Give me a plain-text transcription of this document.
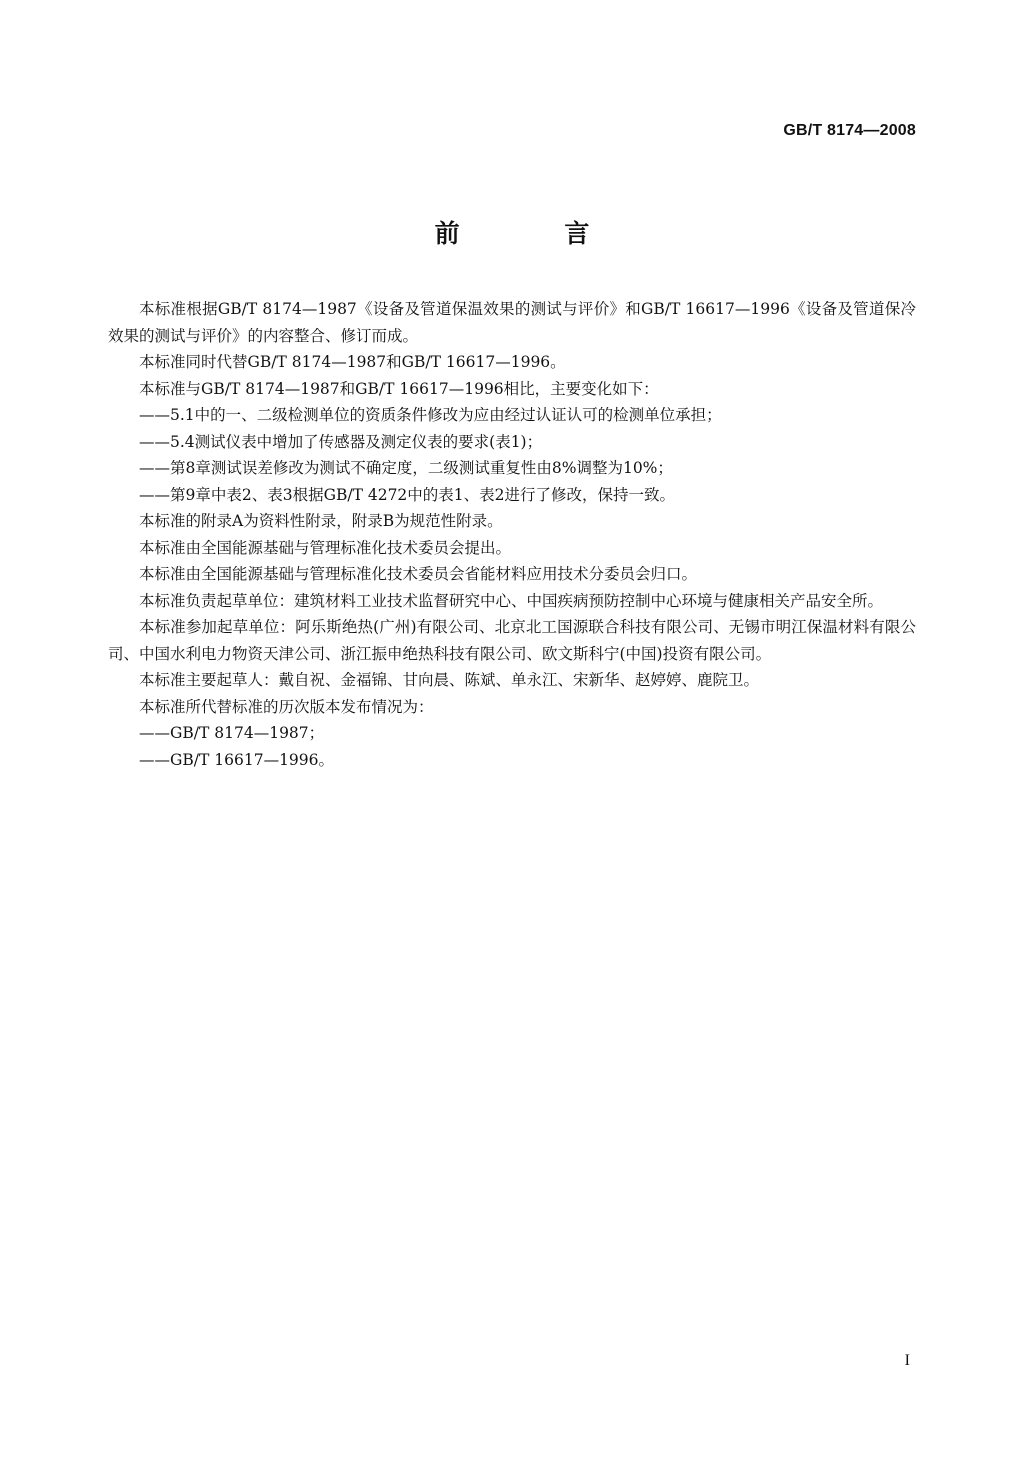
GB/T 8174—2008
前 言

本标准根据GB/T 8174—1987《设备及管道保温效果的测试与评价》和GB/T 16617—1996《设备及管道保冷效果的测试与评价》的内容整合、修订而成。

本标准同时代替GB/T 8174—1987和GB/T 16617—1996。

本标准与GB/T 8174—1987和GB/T 16617—1996相比，主要变化如下：

——5.1中的一、二级检测单位的资质条件修改为应由经过认证认可的检测单位承担；

——5.4测试仪表中增加了传感器及测定仪表的要求(表1)；

——第8章测试误差修改为测试不确定度，二级测试重复性由8%调整为10%；

——第9章中表2、表3根据GB/T 4272中的表1、表2进行了修改，保持一致。

本标准的附录A为资料性附录，附录B为规范性附录。

本标准由全国能源基础与管理标准化技术委员会提出。

本标准由全国能源基础与管理标准化技术委员会省能材料应用技术分委员会归口。

本标准负责起草单位：建筑材料工业技术监督研究中心、中国疾病预防控制中心环境与健康相关产品安全所。

本标准参加起草单位：阿乐斯绝热(广州)有限公司、北京北工国源联合科技有限公司、无锡市明江保温材料有限公司、中国水利电力物资天津公司、浙江振申绝热科技有限公司、欧文斯科宁(中国)投资有限公司。

本标准主要起草人：戴自祝、金福锦、甘向晨、陈斌、单永江、宋新华、赵婷婷、鹿院卫。

本标准所代替标准的历次版本发布情况为：

——GB/T 8174—1987；

——GB/T 16617—1996。

I
